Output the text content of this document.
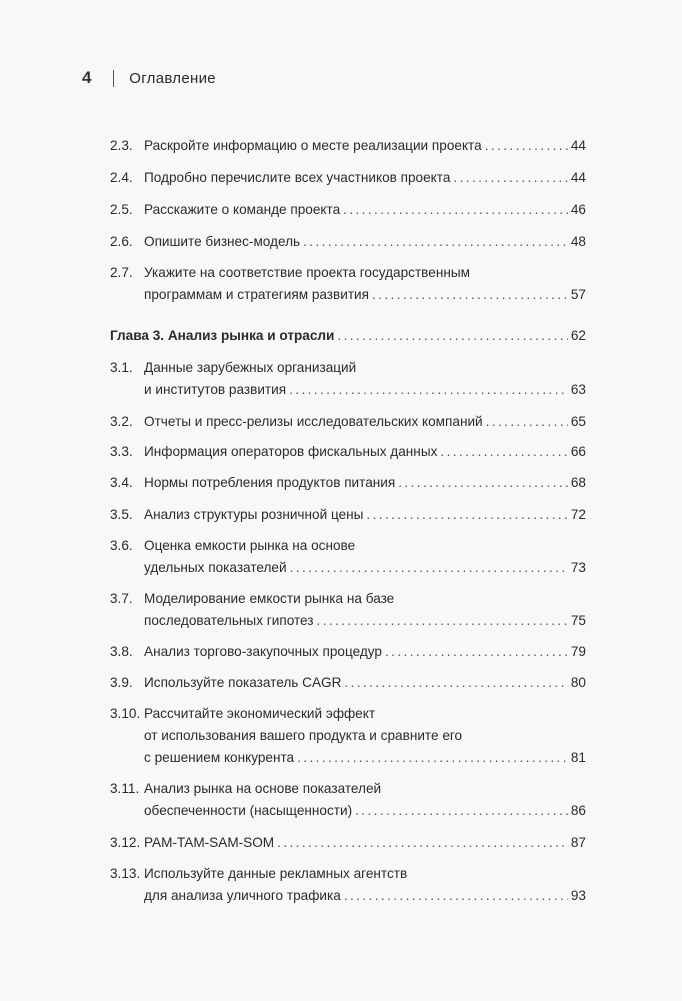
4	Оглавление
2.3. Раскройте информацию о месте реализации проекта .....	44
2.4. Подробно перечислите всех участников проекта .....	44
2.5. Расскажите о команде проекта .....	46
2.6. Опишите бизнес-модель .....	48
2.7. Укажите на соответствие проекта государственным
программам и стратегиям развития .....	57
Глава 3. Анализ рынка и отрасли .....	62
3.1. Данные зарубежных организаций
и институтов развития .....	63
3.2. Отчеты и пресс-релизы исследовательских компаний .....	65
3.3. Информация операторов фискальных данных .....	66
3.4. Нормы потребления продуктов питания .....	68
3.5. Анализ структуры розничной цены .....	72
3.6. Оценка емкости рынка на основе
удельных показателей .....	73
3.7. Моделирование емкости рынка на базе
последовательных гипотез .....	75
3.8. Анализ торгово-закупочных процедур .....	79
3.9. Используйте показатель CAGR .....	80
3.10. Рассчитайте экономический эффект
от использования вашего продукта и сравните его
с решением конкурента .....	81
3.11. Анализ рынка на основе показателей
обеспеченности (насыщенности) .....	86
3.12. PAM-TAM-SAM-SOM .....	87
3.13. Используйте данные рекламных агентств
для анализа уличного трафика .....	93
